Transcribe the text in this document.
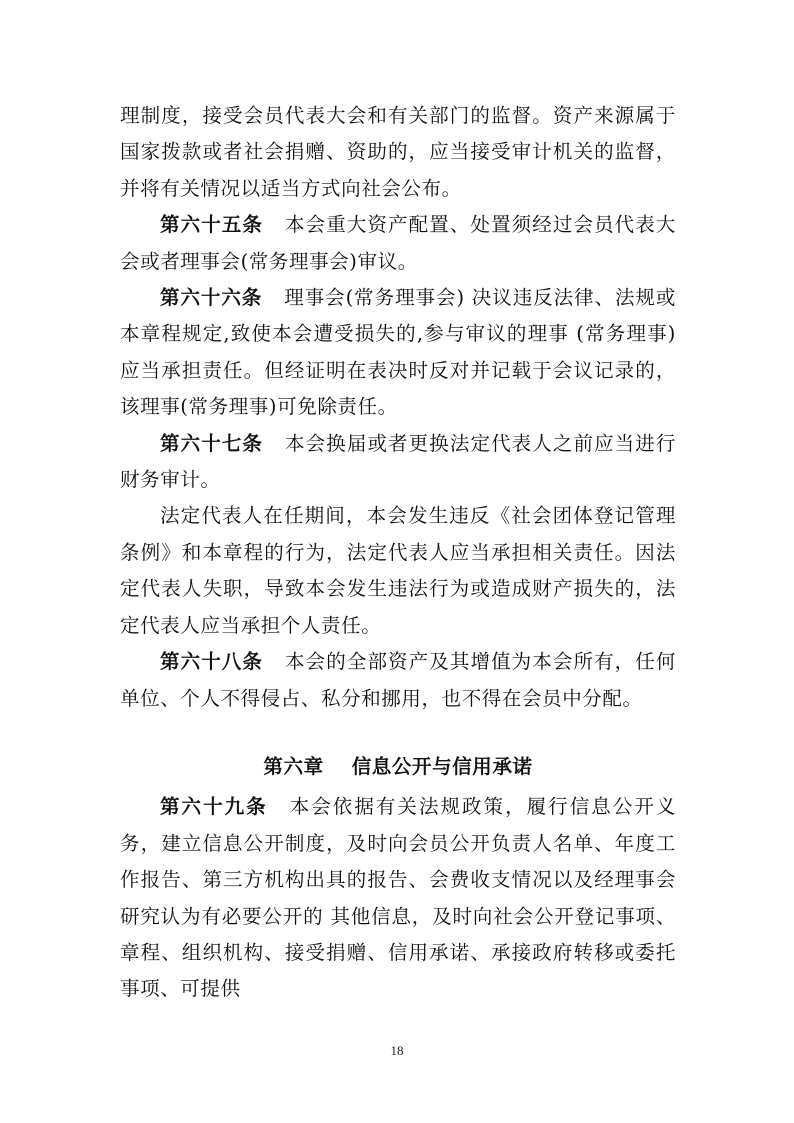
理制度，接受会员代表大会和有关部门的监督。资产来源属于国家拨款或者社会捐赠、资助的，应当接受审计机关的监督，并将有关情况以适当方式向社会公布。

第六十五条 本会重大资产配置、处置须经过会员代表大会或者理事会(常务理事会)审议。

第六十六条 理事会(常务理事会) 决议违反法律、法规或本章程规定,致使本会遭受损失的,参与审议的理事 (常务理事)应当承担责任。但经证明在表决时反对并记载于会议记录的，该理事(常务理事)可免除责任。

第六十七条 本会换届或者更换法定代表人之前应当进行财务审计。

法定代表人在任期间，本会发生违反《社会团体登记管理条例》和本章程的行为，法定代表人应当承担相关责任。因法定代表人失职，导致本会发生违法行为或造成财产损失的，法定代表人应当承担个人责任。

第六十八条 本会的全部资产及其增值为本会所有，任何单位、个人不得侵占、私分和挪用，也不得在会员中分配。

第六章 信息公开与信用承诺

第六十九条 本会依据有关法规政策，履行信息公开义务，建立信息公开制度，及时向会员公开负责人名单、年度工作报告、第三方机构出具的报告、会费收支情况以及经理事会研究认为有必要公开的 其他信息，及时向社会公开登记事项、章程、组织机构、接受捐赠、信用承诺、承接政府转移或委托事项、可提供

18
